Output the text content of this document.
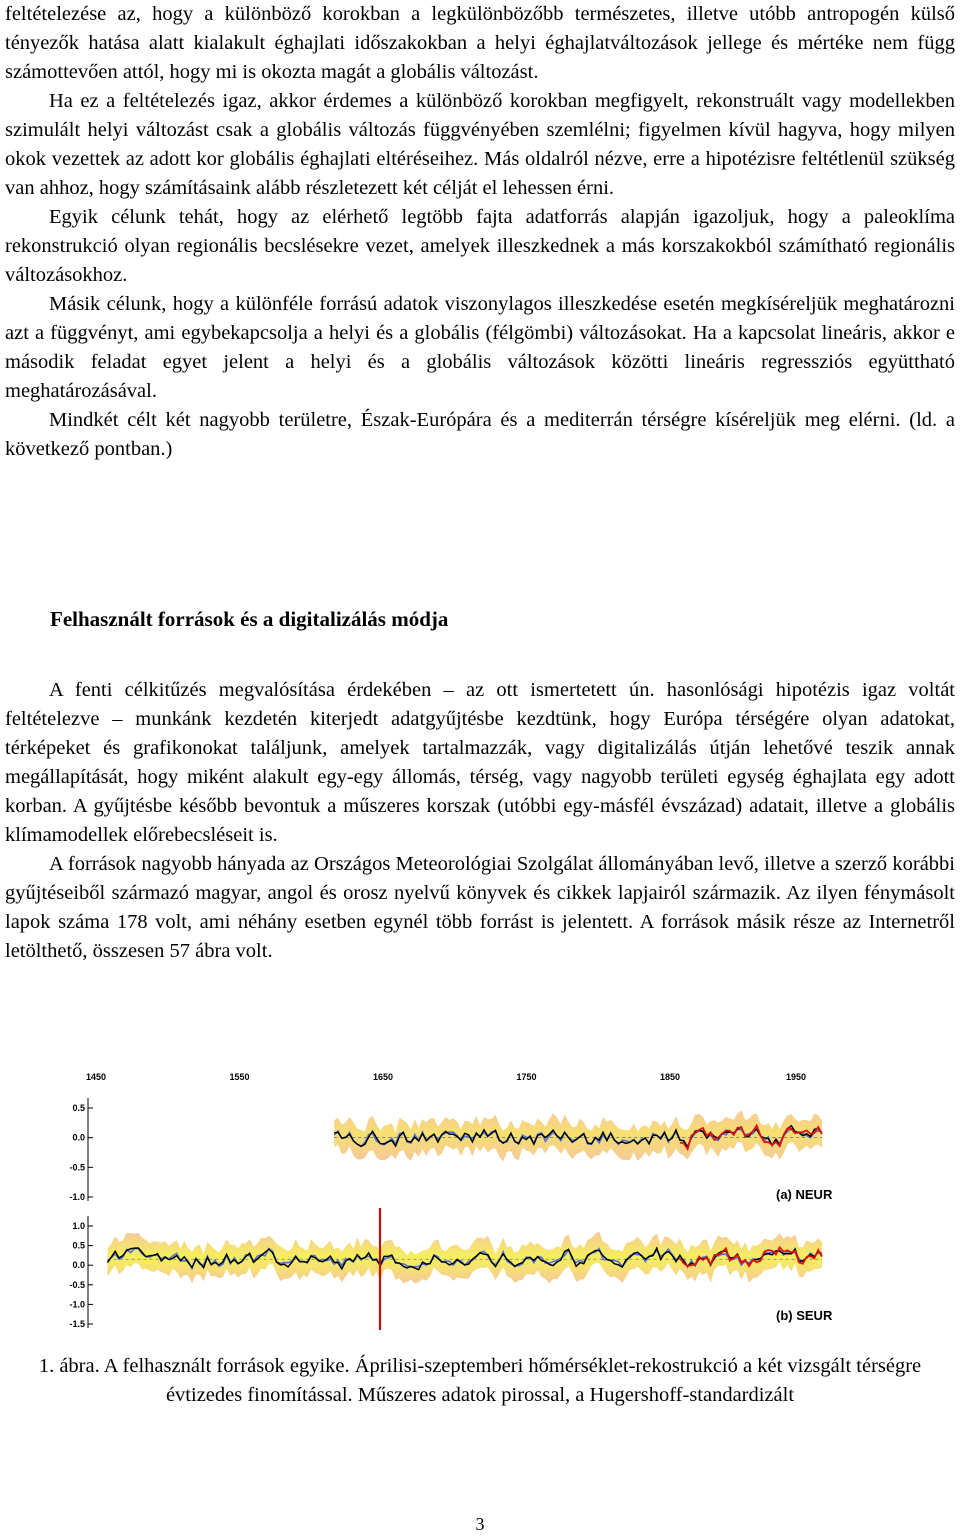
feltételezése az, hogy a különböző korokban a legkülönbözőbb természetes, illetve utóbb antropogén külső tényezők hatása alatt kialakult éghajlati időszakokban a helyi éghajlatváltozások jellege és mértéke nem függ számottevően attól, hogy mi is okozta magát a globális változást.

Ha ez a feltételezés igaz, akkor érdemes a különböző korokban megfigyelt, rekonstruált vagy modellekben szimulált helyi változást csak a globális változás függvényében szemlélni; figyelmen kívül hagyva, hogy milyen okok vezettek az adott kor globális éghajlati eltéréseihez. Más oldalról nézve, erre a hipotézisre feltétlenül szükség van ahhoz, hogy számításaink alább részletezett két célját el lehessen érni.

Egyik célunk tehát, hogy az elérhető legtöbb fajta adatforrás alapján igazoljuk, hogy a paleoklíma rekonstrukció olyan regionális becslésekre vezet, amelyek illeszkednek a más korszakokból számítható regionális változásokhoz.

Másik célunk, hogy a különféle forrású adatok viszonylagos illeszkedése esetén megkíséreljük meghatározni azt a függvényt, ami egybekapcsolja a helyi és a globális (félgömbi) változásokat. Ha a kapcsolat lineáris, akkor e második feladat egyet jelent a helyi és a globális változások közötti lineáris regressziós együttható meghatározásával.

Mindkét célt két nagyobb területre, Észak-Európára és a mediterrán térségre kíséreljük meg elérni. (ld. a következő pontban.)

Felhasznált források és a digitalizálás módja

A fenti célkitűzés megvalósítása érdekében – az ott ismertetett ún. hasonlósági hipotézis igaz voltát feltételezve – munkánk kezdetén kiterjedt adatgyűjtésbe kezdtünk, hogy Európa térségére olyan adatokat, térképeket és grafikonokat találjunk, amelyek tartalmazzák, vagy digitalizálás útján lehetővé teszik annak megállapítását, hogy miként alakult egy-egy állomás, térség, vagy nagyobb területi egység éghajlata egy adott korban. A gyűjtésbe később bevontuk a műszeres korszak (utóbbi egy-másfél évszázad) adatait, illetve a globális klímamodellek előrebecsléseit is.

A források nagyobb hányada az Országos Meteorológiai Szolgálat állományában levő, illetve a szerző korábbi gyűjtéseiből származó magyar, angol és orosz nyelvű könyvek és cikkek lapjairól származik. Az ilyen fénymásolt lapok száma 178 volt, ami néhány esetben egynél több forrást is jelentett. A források másik része az Internetről letölthető, összesen 57 ábra volt.

1450	1550	1650	1750	1850	1950
0.5
0.0
-0.5
-1.0
1.0
0.5
0.0
-0.5
-1.0
-1.5
(a) NEUR
(b) SEUR
1. ábra. A felhasznált források egyike. Áprilisi-szeptemberi hőmérséklet-rekostrukció a két vizsgált térségre évtizedes finomítással. Műszeres adatok pirossal, a Hugershoff-standardizált
3
